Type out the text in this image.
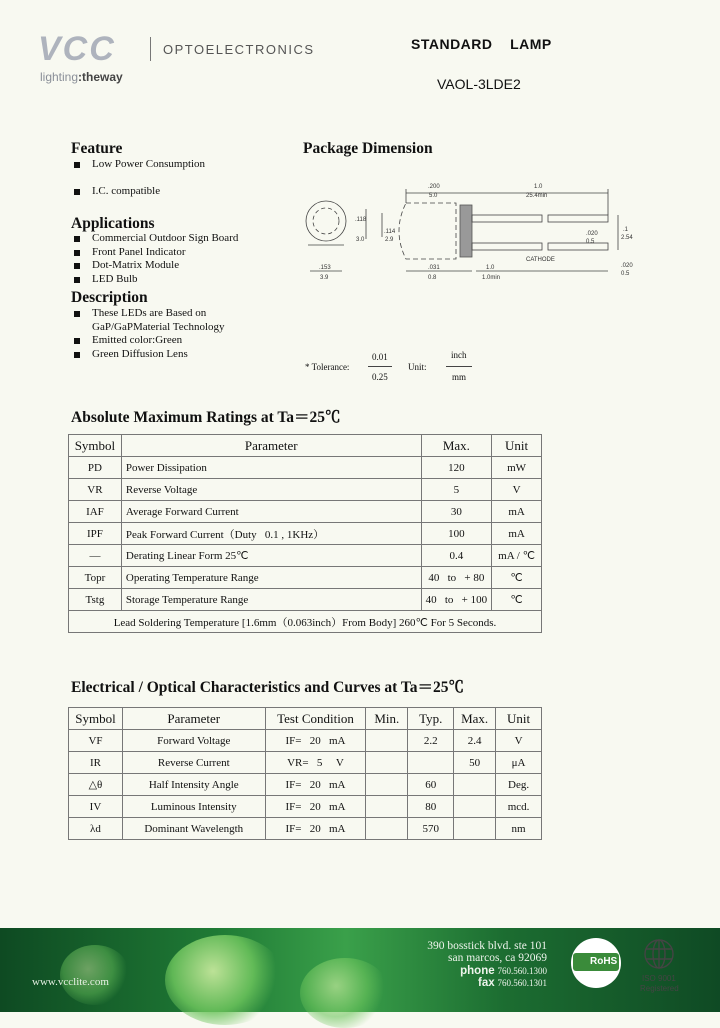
VCC	OPTOELECTRONICS
lighting:theway
STANDARD    LAMP
VAOL-3LDE2
Feature
Low Power Consumption
I.C. compatible
Applications
Commercial Outdoor Sign Board
Front Panel Indicator
Dot-Matrix Module
LED Bulb
Description
These LEDs are Based on
GaP/GaPMaterial Technology
Emitted color:Green
Green Diffusion Lens
Package Dimension
.200
5.0
1.0
25.4min
.118
3.0
.114
2.9
.153
3.9
.031
0.8
1.0
1.0min
CATHODE
.020
0.5
.1
2.54
.020
0.5
* Tolerance:
0.01
0.25
Unit:
inch
mm
Absolute Maximum Ratings at Ta＝25℃
Symbol	Parameter	Max.	Unit
PD	Power Dissipation	120	mW
VR	Reverse Voltage	5	V
IAF	Average Forward Current	30	mA
IPF	Peak Forward Current（Duty   0.1 , 1KHz）	100	mA
—	Derating Linear Form 25℃	0.4	mA / ℃
Topr	Operating Temperature Range	40   to   + 80	℃
Tstg	Storage Temperature Range	40   to   + 100	℃
Lead Soldering Temperature [1.6mm（0.063inch）From Body] 260℃ For 5 Seconds.			
Electrical / Optical Characteristics and Curves at Ta＝25℃
Symbol	Parameter	Test Condition	Min.	Typ.	Max.	Unit
VF	Forward Voltage	IF=   20   mA		2.2	2.4	V
IR	Reverse Current	VR=   5     V			50	μA
△θ	Half Intensity Angle	IF=   20   mA		60		Deg.
IV	Luminous Intensity	IF=   20   mA		80		mcd.
λd	Dominant Wavelength	IF=   20   mA		570		nm
www.vcclite.com
390 bosstick blvd. ste 101
san marcos, ca 92069
phone 760.560.1300
fax 760.560.1301
RoHS
ISO 9001
Registered
